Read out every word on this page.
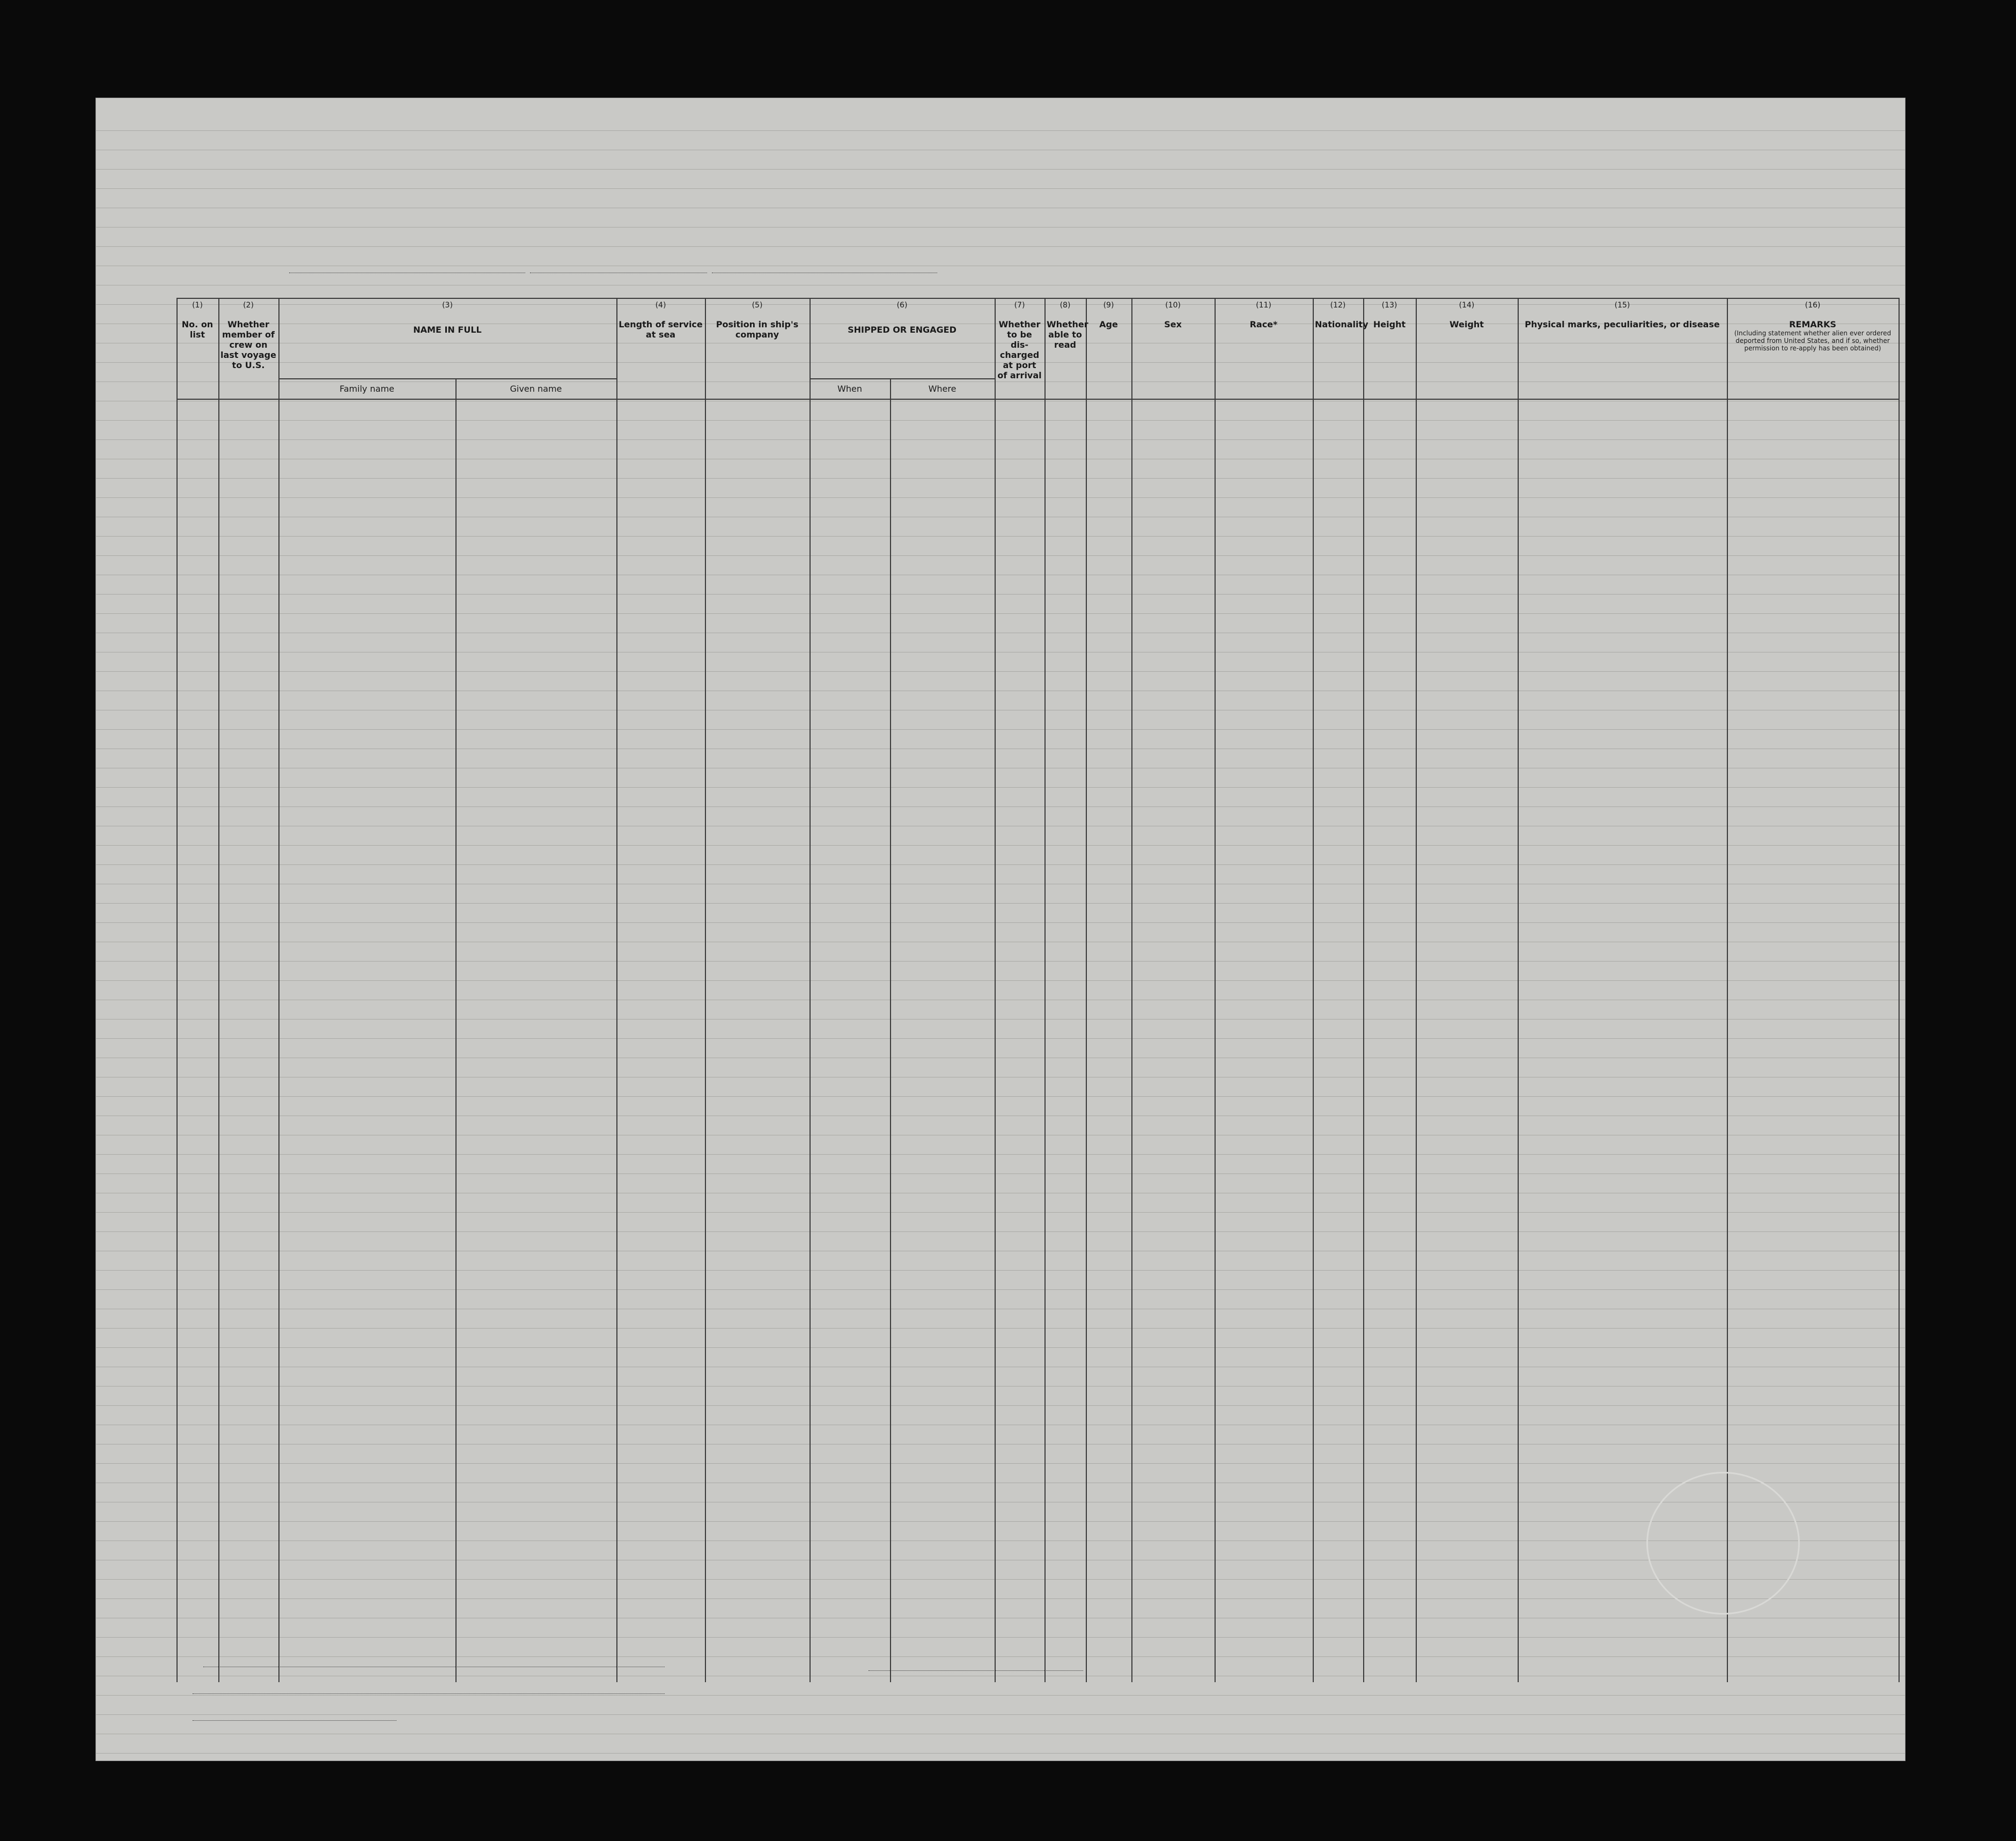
(1)
No. on list
(2)
Whether member of crew on last voyage to U.S.
(3)
NAME IN FULL
Family name	Given name
(4)
Length of service at sea
(5)
Position in ship's company
(6)
SHIPPED OR ENGAGED
When	Where
(7)
Whether to be dis-charged at port of arrival
(8)
Whether able to read
(9)
Age
(10)
Sex
(11)
Race*
(12)
Nationality
(13)
Height
(14)
Weight
(15)
Physical marks, peculiarities, or disease
(16)
REMARKS
(Including statement whether alien ever ordered deported from United States, and if so, whether permission to re-apply has been obtained)
